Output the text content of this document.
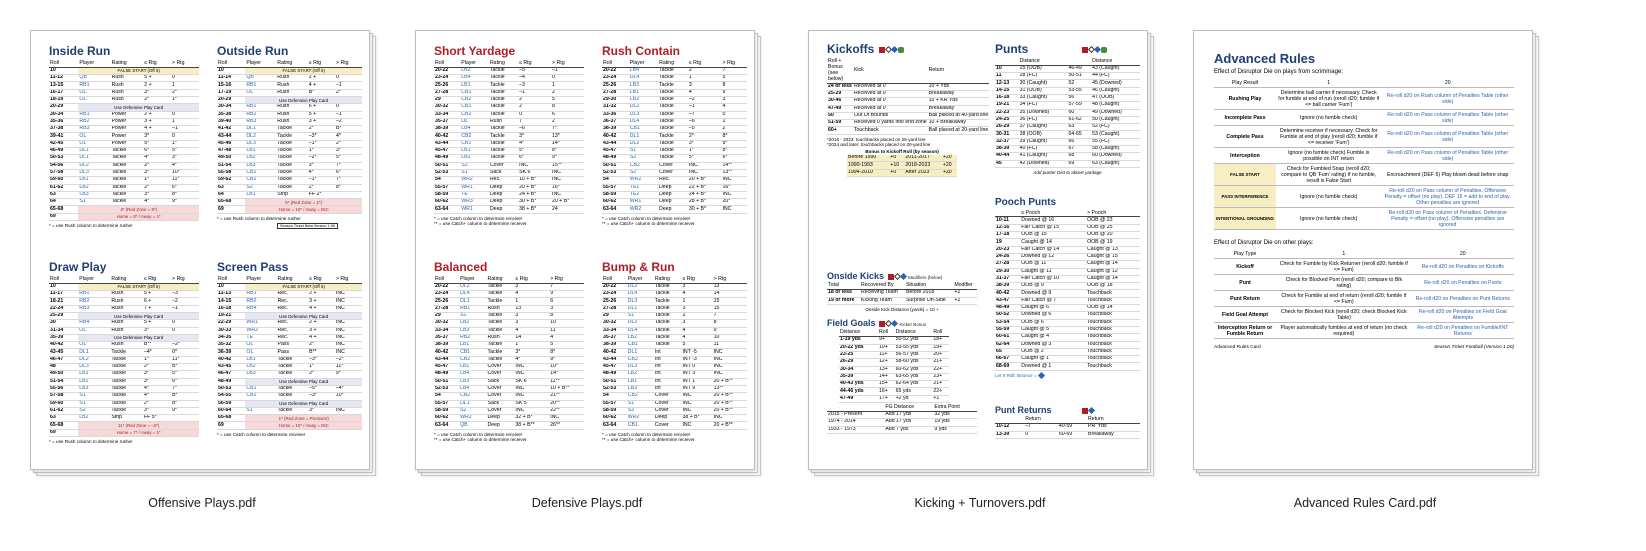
Inside Run
Roll	Player	Rating	≤ Rtg	> Rtg
10	FALSE START (Off 5)			
11-12	QB	Rush	5 +	0
13-15	RB1	Rush	2 +	1
16-17	OL	Rush	3*	2*
18-19	OL	Rush	2*	1*
20-29	Use Defensive Play Card			
30-34	RB1	Power	2 +	0
35-36	RB2	Power	3 +	1
37-38	RB3	Power	4 +	–1
39-41	OL	Power	3*	0
42-45	OL	Power	5*	1*
46-49	DL1	Tackle	6*	5*
50-53	DL1	Tackle	4*	3*
54-56	DL2	Tackle	2*	4*
57-58	DL3	Tackle	3*	10*
59-60	LB1	Tackle	1*	11*
61-62	LB2	Tackle	2*	6*
63	LB3	Tackle	3*	8*
64	S1	Tackle	4*	9*
65-68	4* (Red Zone = 8*)			
69	Home = 8* / Away = 1*			
* = use Rush column to determine rusher
Outside Run
Roll	Player	Rating	≤ Rtg	> Rtg
10	FALSE START (Off 5)			
11-14	QB	Rush	2 +	0
15-16	RB1	Rush	4 +	–1
17-19	OL	Rush	B*	2*
20-29	Use Defensive Play Card			
30-34	RB1	Rush	6 +	0
35-38	RB2	Rush	5 +	–1
39-40	RB3	Rush	3 +	–2
41-42	DL1	Tackle	2*	B*
43-44	DL2	Tackle	–3*	4*
45-46	DL3	Tackle	–1*	2*
47-48	LB1	Tackle	1*	3*
49-50	LB2	Tackle	–2*	5*
51-54	LB3	Tackle	3*	7*
55-58	CB1	Tackle	4*	6*
59-62	CB2	Tackle	–1*	7*
63	S2	Tackle	2*	8*
64	LB1	Strip	FF 2*	
65-68	6* (Red Zone = 1*)			
69	Home = 10* / Away = INC			
* = use Rush column to determine rusher
Season Ticket Beta Version 1.96
Draw Play
Roll	Player	Rating	≤ Rtg	> Rtg
10	FALSE START (Off 5)			
11-17	RB1	Rush	5 +	–3
18-21	RB2	Rush	6 +	–2
22-24	RB3	Rush	7 +	–1
25-29	Use Defensive Play Card			
30	RB4	Rush	5 +	0
31-34	OL	Rush	3*	0
35-39	Use Defensive Play Card			
40-42	OL	Rush	B**	–2*
43-45	DL1	Tackle	–4*	0*
46-47	DL2	Tackle	1*	11*
48	DL3	Tackle	2*	B*
49-50	LB1	Tackle	3*	5*
51-54	LB2	Tackle	3*	6*
55-56	LB3	Tackle	4*	7*
57-58	S1	Tackle	4*	B*
59-60	S1	Tackle	2*	8*
61-62	S2	Tackle	3*	9*
63	LB2	Strip	FF 5*	
65-68	11* (Red Zone = –2*)			
69	Home = 7* / Away = 1*			
* = use Rush column to determine rusher
Screen Pass
Roll	Player	Rating	≤ Rtg	> Rtg
10	FALSE START (Off 5)			
11-13	RB1	Rec.	2 +	INC
14-15	RB2	Rec.	3 +	INC
16-18	RB4	Rec.	4 +	INC
19-21	Use Defensive Play Card			
22-29	WR1	Rec.	2 +	INC
30-33	WR2	Rec.	3 +	INC
34-35	TE	Rec.	4 +	INC
35-32	OL	Pass	2*	INC
36-39	OL	Pass	B**	INC
40-42	LB1	Tackle	–3*	–2*
43-45	LB2	Tackle	1*	11*
46-47	LB3	Tackle	2*	9*
48-49	Use Defensive Play Card			
50-53	CB1	Tackle	–5*	–4*
54-55	CB2	Tackle	–3*	10*
56-59	Use Defensive Play Card			
60-64	S1	Tackle	3*	INC
65-68	1* (Red Zone = Pressure)			
69	Home = 10* / Away = INC			
* = use Catch column to determine receiver
Offensive Plays.pdf
Short Yardage
Roll	Player	Rating	≤ Rtg	> Rtg
20-22	LB2	Tackle	–5	–1
23-24	LB4	Tackle	–4	0
25-26	LB1	Tackle	–3	1
27-28	CB1	Tackle	–1	2
29	CB2	Tackle	2	5
30-32	CB1	Tackle	2	8
33-34	CB2	Tackle	0	6
35-37	OL	Rush	7	2
38-39	LB4	Tackle	–6	7*
40-42	CB2	Tackle	3*	13*
43-44	CB1	Tackle	4*	14*
45-47	LB1	Tackle	5*	8*
48-49	LB2	Tackle	6*	9*
50-51	S2	Cover	INC	15**
52-53	S1	Sack	SK 6	INC
54	WR2	Rec.	10 + B*	INC
55-57	WR1	Deep	20 + B*	16*
58-59	TE	Deep	24 + B*	INC
60-62	WR3	Deep	30 + B*	20 + B*
63-64	WR1	Deep	38 + B*	24
* = use Catch column to determine receiver
** = use Catch+ column to determine receiver
Rush Contain
Roll	Player	Rating	≤ Rtg	> Rtg
20-22	LB4	Tackle	2	7
23-24	DL4	Tackle	1	5
25-26	LB3	Tackle	3	8
27-28	LB1	Tackle	4	9
29-30	LB2	Tackle	–2	3
31-32	DL2	Tackle	–1	4
33-36	DL3	Tackle	–7	0
36-37	DL4	Tackle	–6	1
38-39	CB1	Tackle	–5	2
40-42	DL1	Tackle	2*	8*
43-44	DL2	Tackle	3*	9*
45-47	S1	Tackle	1*	8*
48-49	S2	Tackle	5*	6*
50-51	CB2	Cover	INC	14**
52-53	S2	Cover	INC	13**
54	WR2	Rec.	20 + B*	INC
55-57	TE1	Deep	22 + B*	16*
58-59	TE2	Deep	24 + B*	INC
60-62	WR1	Deep	28 + B*	20*
63-64	WR2	Deep	30 + B*	INC
* = use Catch column to determine receiver
** = use Catch+ column to determine receiver
Balanced
Roll	Player	Rating	≤ Rtg	> Rtg
20-22	DL2	Tackle	3	7
23-24	DL4	Tackle	4	9
25-26	DL1	Tackle	1	6
27-28	RB1	Rush	13	3
29	S1	Tackle	3	8
30-32	LB2	Tackle	3	10
33-34	LB3	Tackle	4	11
35-37	RB2	Rush	14	4
38-39	LB1	Tackle	1	5
40-42	CB1	Tackle	3*	8*
43-44	CB2	Tackle	4*	9*
45-47	LB1	Cover	INC	10*
48-49	LB4	Cover	INC	14*
50-51	LB3	Sack	SK 6	11**
52-53	LB4	Cover	INC	10 + B**
54	CB2	Cover	INC	21**
55-57	DL1	Sack	SK 5	20**
58-59	S2	Cover	INC	22**
60-62	WR2	Deep	32 + B*	INC
63-64	QB	Deep	38 + B**	26**
* = use Catch column to determine receiver
** = use Catch+ column to determine receiver
Bump & Run
Roll	Player	Rating	≤ Rtg	> Rtg
20-22	DL2	Tackle	3	13
23-24	DL4	Tackle	4	14
25-26	DL3	Tackle	1	15
27-28	DL1	Tackle	3	15
29	S1	Tackle	2	7
30-32	DL2	Tackle	3	8
33-34	DL4	Tackle	4	9
35-37	LB2	Tackle	4	10
38-39	CB1	Tackle	5	11
40-42	DL1	Int	INT -5	INC
43-44	CB2	Int	INT -3	INC
45-47	DL3	Int	INT 0	INC
48-49	LB2	Int	INT 3	INC
50-51	LB1	Int	INT 1	20 + B**
52-53	LB3	Int	INT 9	13**
54	CB2	Cover	INC	20 + B**
55-57	S1	Cover	INC	20 + B**
58-59	S2	Cover	INC	20 + B**
60-62	WR2	Deep	38 + B*	INC
63-64	CB1	Cover	INC	20 + B**
* = use Catch column to determine receiver
** = use Catch+ column to determine receiver
Defensive Plays.pdf
Kickoffs
Roll + Bonus (see below)	Kick	Return
24 or less	Received at 0	10 + Yds
25-29	Received at 0	Breakaway
30-46	Received at 0	10 + KR Yds
47-49	Received at 0	Breakaway
50	Out Of Bounds	Ball placed at 40-yard line
51-59	Received 0 yards into end zone	10 + Breakaway
60+	Touchback	Ball placed at 20-yard line
*2016 - 2023: touchbacks placed on 25-yard line
*2024 and later: touchbacks placed on 30-yard line
Bonus to Kickoff Roll (by season)
Before 1990	+0	2011-2017	+20
1990-1993	+10	2018-2023	+20
1994-2010	+0	After 2023	+20
Onside Kicks	Modifiers (below)
Total	Recovered By	Situation	Modifier
18 or less	Receiving Team	Before 2018	+2
19 or more	Kicking Team	Surprise On-Side	+2
Onside Kick Distance (yards) = 10 +
Field Goals	Kicker Bonus
Distance	Roll	Distance	Roll
1-19 yds	9+	50-52 yds	18+
20-22 yds	10+	53-55 yds	19+
23-25	11+	56-57 yds	20+
26-29	12+	58-60 yds	21+
30-34	13+	60-62 yds	22+
35-39	14+	63-65 yds	23+
40-43 yds	15+	62-64 yds	21+
44-46 yds	16+	65 yds	22+
47-49	17+	+2 yd	+1
	FG Distance	Extra Point
2015 - Present	Add 17 yds	32 yds
1974 - 2014	Add 17 yds	19 yds
1933 - 1973	Add 7 yds	9 yds
Punts
	Distance		Distance
10	25 (OOB)	46-49	43 (Caught)
11	28 (FC)	50-51	44 (FC)
12-13	30 (Caught)	52	45 (Downed)
14-15	31 (OOB)	53-55	46 (Caught)
16-18	33 (Caught)	56	47 (OOB)
19-21	34 (FC)	57-59	48 (Caught)
22-23	35 (Downed)	60	49 (Downed)
24-25	36 (FC)	61-62	50 (Caught)
26-29	37 (Caught)	63	52 (FC)
30-31	38 (OOB)	64-65	53 (Caught)
32-37	39 (Caught)	66	55 (FC)
38-39	40 (FC)	67	58 (Caught)
40-44	41 (Caught)	68	60 (Downed)
45	42 (Downed)	69	63 (Caught)
Add punter Dist to above yardage
Pooch Punts
	≤ Pooch	> Pooch
10-11	Downed @ 16	OOB @ 23
12-16	Fair Catch @ 15	OOB @ 25
17-18	OOB @ 15	OOB @ 20
19	Caught @ 14	OOB @ 19
20-23	Fair Catch @ 14	Caught @ 13
24-26	Downed @ 12	Caught @ 15
27-28	OOB @ 11	Caught @ 14
29-30	Caught @ 11	Caught @ 12
31-37	Fair Catch @ 10	Caught @ 14
38-39	OOB @ 9	OOB @ 18
40-42	Downed @ 9	Touchback
43-47	Fair Catch @ 7	Touchback
48-49	Caught @ 6	OOB @ 14
50-52	Downed @ 6	Touchback
53-54	OOB @ 6	Touchback
55-59	Caught @ 5	Touchback
60-61	Caught @ 4	Touchback
62-64	Downed @ 3	Touchback
65	OOB @ 2	Touchback
66-67	Caught @ 1	Touchback
68-69	Downed @ 1	Touchback
Let It Roll: Bounce =
Punt Returns
	Return		Return
10-12	–7	40-59	PR 'Yds'
13-39	0	60-69	Breakaway
Kicking + Turnovers.pdf
Advanced Rules
Effect of Disruptor Die on plays from scrimmage:
Play Result	1	20
Rushing Play	Determine ball carrier if necessary. Check for fumble at end of run (reroll d20; fumble if <= ball carrier 'Fum')	Re-roll d20 on Rush column of Penalties Table (other side)
Incomplete Pass	Ignore (no fumble check)	Re-roll d20 on Pass column of Penalties Table (other side)
Complete Pass	Determine receiver if necessary. Check for Fumble at end of play (reroll d20; fumble if <= receiver 'Fum')	Re-roll d20 on Pass column of Penalties Table (other side)
Interception	Ignore (no fumble check) Fumble is possible on INT return	Re-roll d20 on Pass column of Penalties Table (other side)
FALSE START	Check for Fumbled Snap (reroll d20; compare to QB 'Fum' rating) If no fumble, result is False Start	Encroachment (DEF 5) Play blown dead before snap
PASS INTERFERENCE	Ignore (no fumble check)	Re-roll d20 on Pass column of Penalties. Offensive Penalty = offset (no play). DEF 15 = add to end of play. Other penalties are ignored
INTENTIONAL GROUNDING	Ignore (no fumble check)	Re-roll d20 on Pass column of Penalties. Defensive Penalty = offset (no play). Offensive penalties are ignored
Effect of Disruptor Die on other plays:
Play Type	1	20
Kickoff	Check for Fumble by Kick Returner (reroll d20; fumble if <= Fum)	Re-roll d20 on Penalties on Kickoffs
Punt	Check for Blocked Punt (reroll d20; compare to Blk rating)	Re-roll d20 on Penalties on Punts
Punt Return	Check for Fumble at end of return (reroll d20; fumble if <= Fum)	Re-roll d20 on Penalties on Punt Returns
Field Goal Attempt	Check for Blocked Kick (reroll d20; check Blocked Kick Table)	Re-roll d20 on Penalties on Field Goal Attempts
Interception Return or Fumble Return	Player automatically fumbles at end of return (no check required)	Re-roll d20 on Penalties on Fumble/INT Returns
Advanced Rules Card	Season Ticket Football (Version 1.00)
Advanced Rules Card.pdf
